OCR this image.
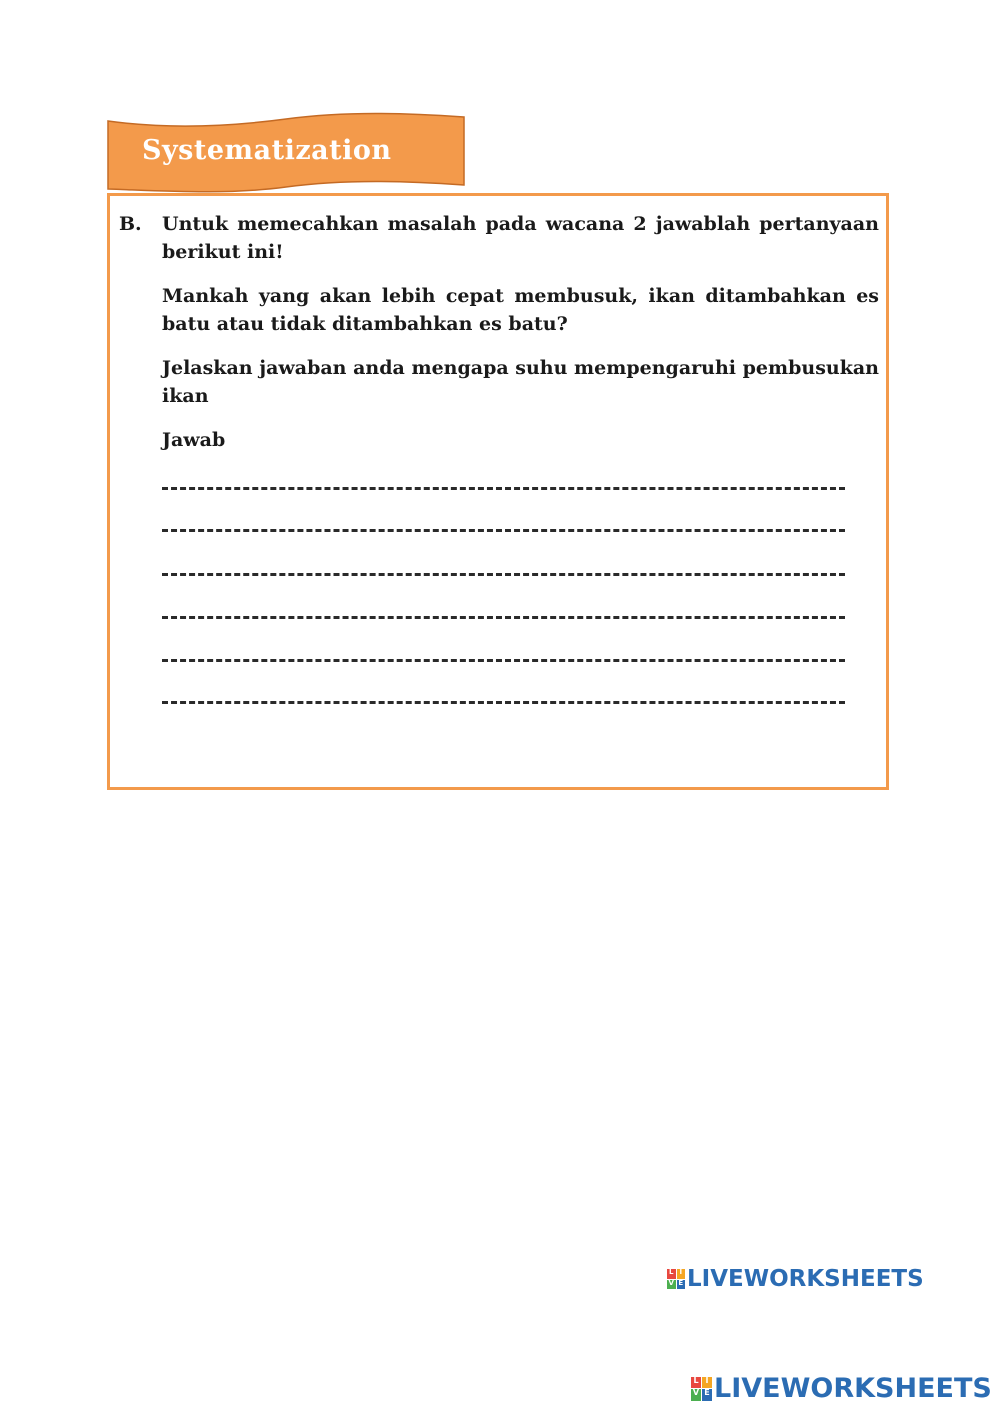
Systematization
B.	Untuk memecahkan masalah pada wacana 2 jawablah pertanyaan berikut ini!

Mankah yang akan lebih cepat membusuk, ikan ditambahkan es batu atau tidak ditambahkan es batu?

Jelaskan jawaban anda mengapa suhu mempengaruhi pembusukan ikan

Jawab

L I
V E LIVEWORKSHEETS
L I
V E LIVEWORKSHEETS
